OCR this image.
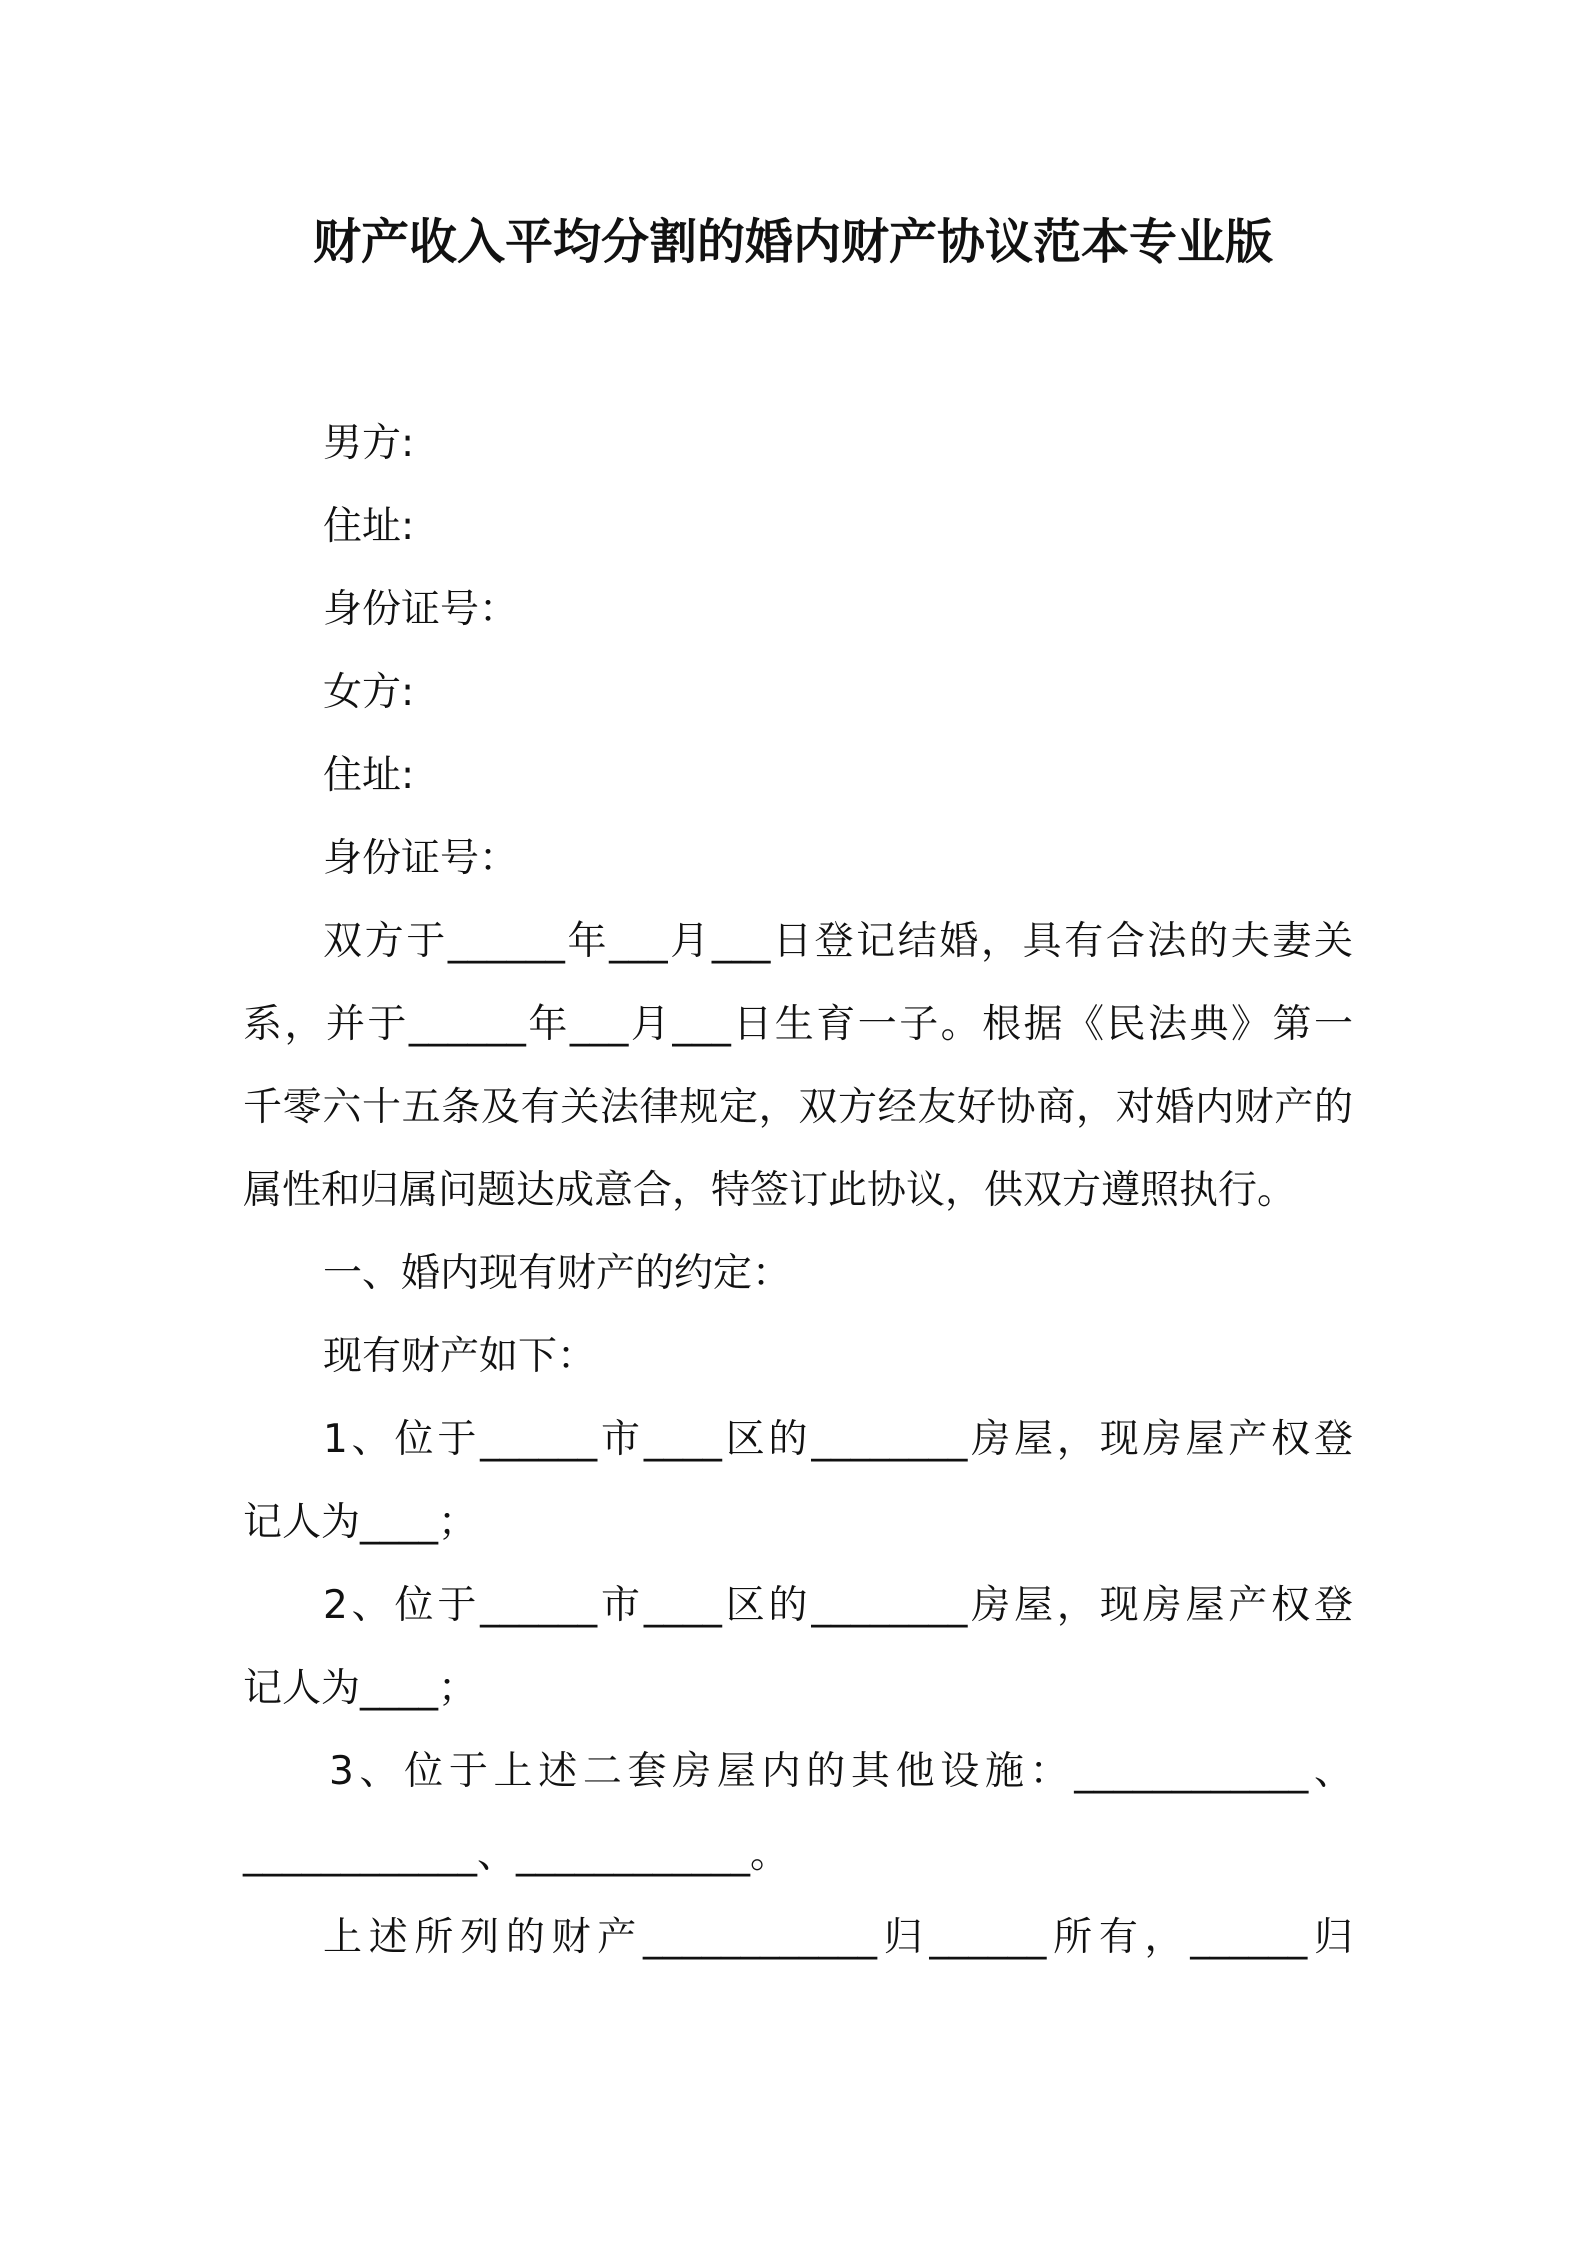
财产收入平均分割的婚内财产协议范本专业版
男方:
住址:
身份证号：
女方:
住址:
身份证号：
双方于______年___月___日登记结婚，具有合法的夫妻关
系，并于______年___月___日生育一子。根据《民法典》第一
千零六十五条及有关法律规定，双方经友好协商，对婚内财产的
属性和归属问题达成意合，特签订此协议，供双方遵照执行。
一、婚内现有财产的约定：
现有财产如下：
1、位于______市____区的________房屋，现房屋产权登
记人为____；
2、位于______市____区的________房屋，现房屋产权登
记人为____；
3、位于上述二套房屋内的其他设施：____________、
____________、____________。
上述所列的财产____________归______所有，______归
